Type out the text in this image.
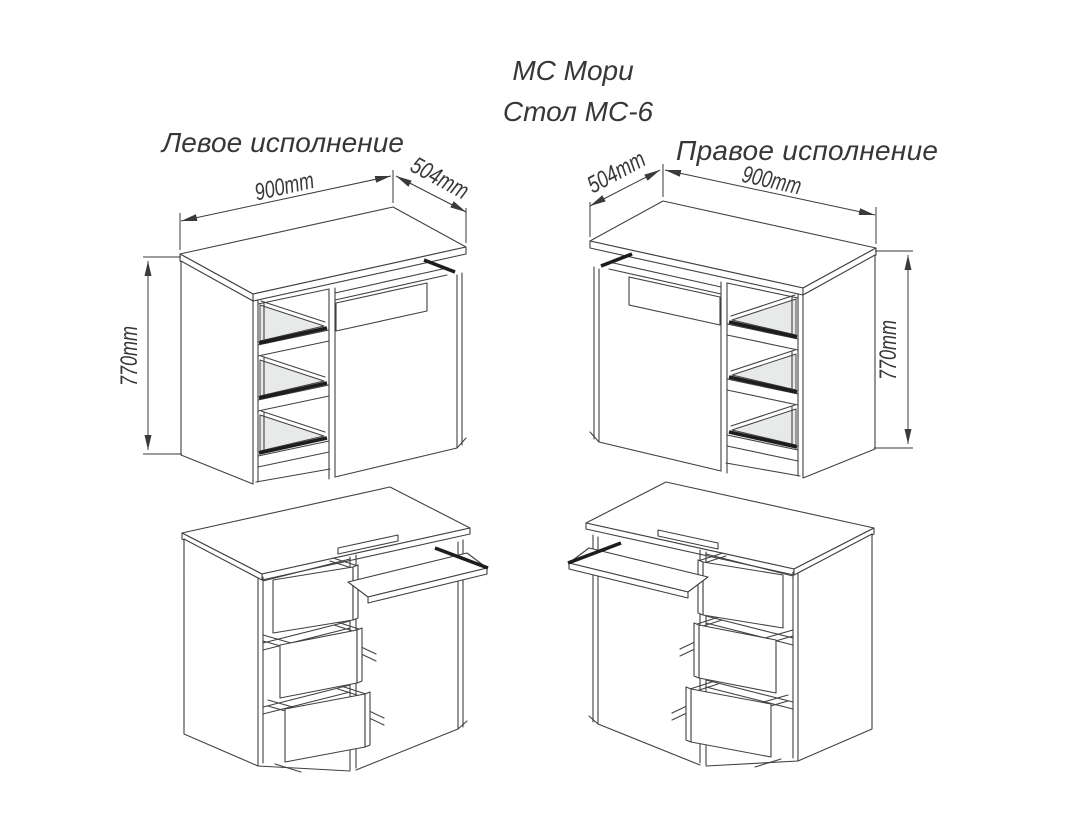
МС Мори
Стол МС-6
Левое исполнение	Правое исполнение
900mm	504mm
770mm
504mm	900mm
770mm
